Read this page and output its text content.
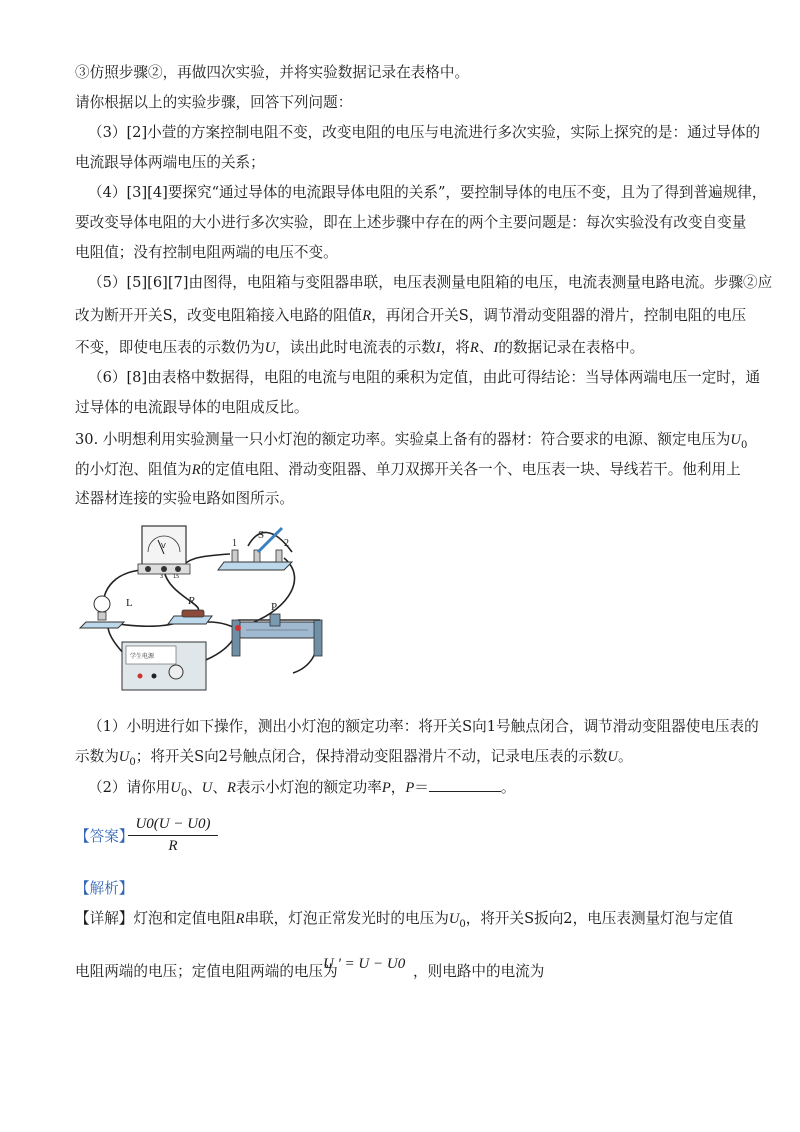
③仿照步骤②，再做四次实验，并将实验数据记录在表格中。
请你根据以上的实验步骤，回答下列问题：
（3）[2]小萱的方案控制电阻不变，改变电阻的电压与电流进行多次实验，实际上探究的是：通过导体的
电流跟导体两端电压的关系；
（4）[3][4]要探究“通过导体的电流跟导体电阻的关系”，要控制导体的电压不变，且为了得到普遍规律，
要改变导体电阻的大小进行多次实验，即在上述步骤中存在的两个主要问题是：每次实验没有改变自变量
电阻值；没有控制电阻两端的电压不变。
（5）[5][6][7]由图得，电阻箱与变阻器串联，电压表测量电阻箱的电压，电流表测量电路电流。步骤②应
改为断开开关S，改变电阻箱接入电路的阻值R，再闭合开关S，调节滑动变阻器的滑片，控制电阻的电压
不变，即使电压表的示数仍为U，读出此时电流表的示数I，将R、I的数据记录在表格中。
（6）[8]由表格中数据得，电阻的电流与电阻的乘积为定值，由此可得结论：当导体两端电压一定时，通
过导体的电流跟导体的电阻成反比。
30. 小明想利用实验测量一只小灯泡的额定功率。实验桌上备有的器材：符合要求的电源、额定电压为$U_0$
的小灯泡、阻值为R的定值电阻、滑动变阻器、单刀双掷开关各一个、电压表一块、导线若干。他利用上
述器材连接的实验电路如图所示。
V
15
3
S
1	2
L	R	P
学生电源
（1）小明进行如下操作，测出小灯泡的额定功率：将开关S向1号触点闭合，调节滑动变阻器使电压表的
示数为$U_0$；将开关S向2号触点闭合，保持滑动变阻器滑片不动，记录电压表的示数U。
（2）请你用$U_0$、U、R表示小灯泡的额定功率P，P＝	。
【答案】
$\frac{U0(U - U0)}{R}$
【解析】
【详解】灯泡和定值电阻R串联，灯泡正常发光时的电压为$U_0$，将开关S扳向2，电压表测量灯泡与定值
电阻两端的电压；定值电阻两端的电压为
U ' = U − U0 ，则电路中的电流为
